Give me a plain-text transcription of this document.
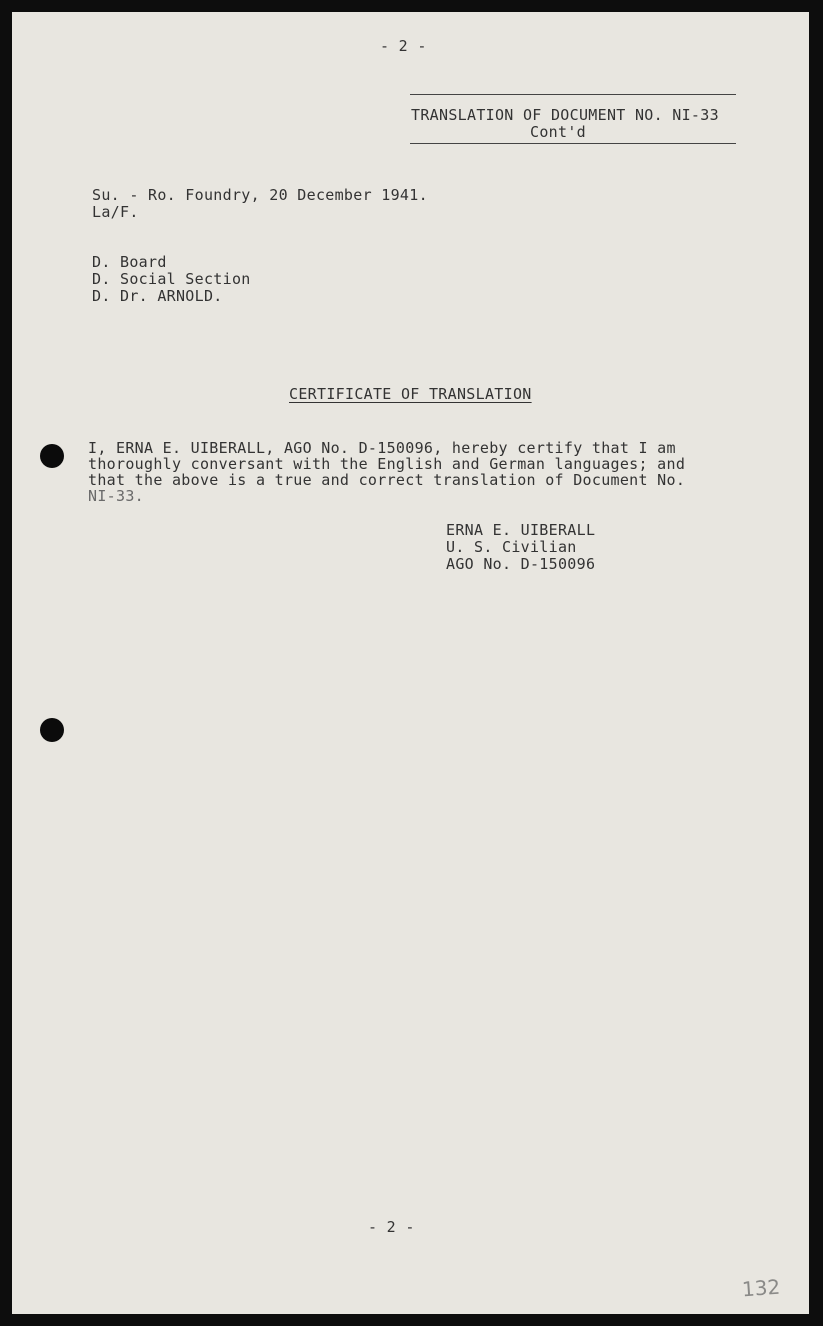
- 2 -
TRANSLATION OF DOCUMENT NO. NI-33
Cont'd
Su. - Ro. Foundry, 20 December 1941.
La/F.
D. Board
D. Social Section
D. Dr. ARNOLD.
CERTIFICATE OF TRANSLATION
I, ERNA E. UIBERALL, AGO No. D-150096, hereby certify that I am
thoroughly conversant with the English and German languages; and
that the above is a true and correct translation of Document No.
NI-33.
ERNA E. UIBERALL
U. S. Civilian
AGO No. D-150096
- 2 -
132
